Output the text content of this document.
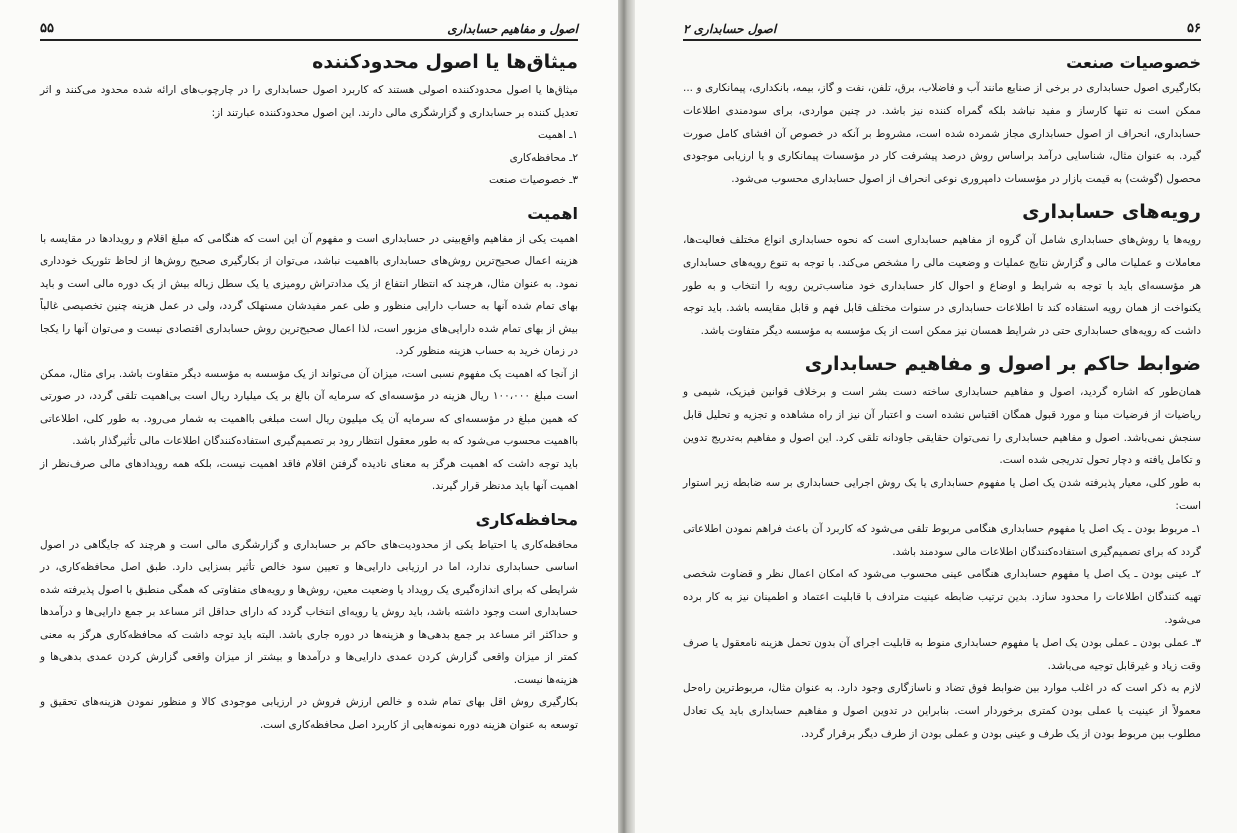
۵۵	اصول و مفاهیم حسابداری
میثاق‌ها یا اصول محدودکننده

میثاق‌ها یا اصول محدودکننده اصولی هستند که کاربرد اصول حسابداری را در چارچوب‌های ارائه شده محدود می‌کنند و اثر تعدیل کننده بر حسابداری و گزارشگری مالی دارند. این اصول محدودکننده عبارتند از:

۱ـ اهمیت
۲ـ محافظه‌کاری
۳ـ خصوصیات صنعت
اهمیت

اهمیت یکی از مفاهیم واقع‌بینی در حسابداری است و مفهوم آن این است که هنگامی که مبلغ اقلام و رویدادها در مقایسه با هزینه اعمال صحیح‌ترین روش‌های حسابداری بااهمیت نباشد، می‌توان از بکارگیری صحیح روش‌ها از لحاظ تئوریک خودداری نمود. به عنوان مثال، هرچند که انتظار انتفاع از یک مداد‌تراش رومیزی یا یک سطل زباله بیش از یک دوره مالی است و باید بهای تمام شده آنها به حساب دارایی منظور و طی عمر مفیدشان مستهلک گردد، ولی در عمل هزینه چنین تخصیصی غالباً بیش از بهای تمام شده دارایی‌های مزبور است، لذا اعمال صحیح‌ترین روش حسابداری اقتصادی نیست و می‌توان آنها را یکجا در زمان خرید به حساب هزینه منظور کرد.

از آنجا که اهمیت یک مفهوم نسبی است، میزان آن می‌تواند از یک مؤسسه به مؤسسه دیگر متفاوت باشد. برای مثال، ممکن است مبلغ ۱۰۰،۰۰۰ ریال هزینه در مؤسسه‌ای که سرمایه آن بالغ بر یک میلیارد ریال است بی‌اهمیت تلقی گردد، در صورتی که همین مبلغ در مؤسسه‌ای که سرمایه آن یک میلیون ریال است مبلغی بااهمیت به شمار می‌رود. به طور کلی، اطلاعاتی بااهمیت محسوب می‌شود که به طور معقول انتظار رود بر تصمیم‌گیری استفاده‌کنندگان اطلاعات مالی تأثیرگذار باشد.

باید توجه داشت که اهمیت هرگز به معنای نادیده گرفتن اقلام فاقد اهمیت نیست، بلکه همه رویدادهای مالی صرف‌نظر از اهمیت آنها باید مدنظر قرار گیرند.

محافظه‌کاری

محافظه‌کاری یا احتیاط یکی از محدودیت‌های حاکم بر حسابداری و گزارشگری مالی است و هرچند که جایگاهی در اصول اساسی حسابداری ندارد، اما در ارزیابی دارایی‌ها و تعیین سود خالص تأثیر بسزایی دارد. طبق اصل محافظه‌کاری، در شرایطی که برای اندازه‌گیری یک رویداد یا وضعیت معین، روش‌ها و رویه‌های متفاوتی که همگی منطبق با اصول پذیرفته شده حسابداری است وجود داشته باشد، باید روش یا رویه‌ای انتخاب گردد که دارای حداقل اثر مساعد بر جمع دارایی‌ها و درآمدها و حداکثر اثر مساعد بر جمع بدهی‌ها و هزینه‌ها در دوره جاری باشد. البته باید توجه داشت که محافظه‌کاری هرگز به معنی کمتر از میزان واقعی گزارش کردن عمدی دارایی‌ها و درآمدها و بیشتر از میزان واقعی گزارش کردن عمدی بدهی‌ها و هزینه‌ها نیست.

بکارگیری روش اقل بهای تمام شده و خالص ارزش فروش در ارزیابی موجودی کالا و منظور نمودن هزینه‌های تحقیق و توسعه به عنوان هزینه دوره نمونه‌هایی از کاربرد اصل محافظه‌کاری است.

اصول حسابداری ۲	۵۶
خصوصیات صنعت

بکارگیری اصول حسابداری در برخی از صنایع مانند آب و فاضلاب، برق، تلفن، نفت و گاز، بیمه، بانکداری، پیمانکاری و ... ممکن است نه تنها کارساز و مفید نباشد بلکه گمراه کننده نیز باشد. در چنین مواردی، برای سودمندی اطلاعات حسابداری، انحراف از اصول حسابداری مجاز شمرده شده است، مشروط بر آنکه در خصوص آن افشای کامل صورت گیرد. به عنوان مثال، شناسایی درآمد براساس روش درصد پیشرفت کار در مؤسسات پیمانکاری و یا ارزیابی موجودی محصول (گوشت) به قیمت بازار در مؤسسات دامپروری نوعی انحراف از اصول حسابداری محسوب می‌شود.

رویه‌های حسابداری

رویه‌ها یا روش‌های حسابداری شامل آن گروه از مفاهیم حسابداری است که نحوه حسابداری انواع مختلف فعالیت‌ها، معاملات و عملیات مالی و گزارش نتایج عملیات و وضعیت مالی را مشخص می‌کند. با توجه به تنوع رویه‌های حسابداری هر مؤسسه‌ای باید با توجه به شرایط و اوضاع و احوال کار حسابداری خود مناسب‌ترین رویه را انتخاب و به طور یکنواخت از همان رویه استفاده کند تا اطلاعات حسابداری در سنوات مختلف قابل فهم و قابل مقایسه باشد. باید توجه داشت که رویه‌های حسابداری حتی در شرایط همسان نیز ممکن است از یک مؤسسه به مؤسسه دیگر متفاوت باشد.

ضوابط حاکم بر اصول و مفاهیم حسابداری

همان‌طور که اشاره گردید، اصول و مفاهیم حسابداری ساخته دست بشر است و برخلاف قوانین فیزیک، شیمی و ریاضیات از فرضیات مبنا و مورد قبول همگان اقتباس نشده است و اعتبار آن نیز از راه مشاهده و تجزیه و تحلیل قابل سنجش نمی‌باشد. اصول و مفاهیم حسابداری را نمی‌توان حقایقی جاودانه تلقی کرد. این اصول و مفاهیم به‌تدریج تدوین و تکامل یافته و دچار تحول تدریجی شده است.

به طور کلی، معیار پذیرفته شدن یک اصل یا مفهوم حسابداری یا یک روش اجرایی حسابداری بر سه ضابطه زیر استوار است:

۱ـ مربوط بودن ـ یک اصل یا مفهوم حسابداری هنگامی مربوط تلقی می‌شود که کاربرد آن باعث فراهم نمودن اطلاعاتی گردد که برای تصمیم‌گیری استفاده‌کنندگان اطلاعات مالی سودمند باشد.

۲ـ عینی بودن ـ یک اصل یا مفهوم حسابداری هنگامی عینی محسوب می‌شود که امکان اعمال نظر و قضاوت شخصی تهیه کنندگان اطلاعات را محدود سازد. بدین ترتیب ضابطه عینیت مترادف با قابلیت اعتماد و اطمینان نیز به کار برده می‌شود.

۳ـ عملی بودن ـ عملی بودن یک اصل یا مفهوم حسابداری منوط به قابلیت اجرای آن بدون تحمل هزینه نامعقول یا صرف وقت زیاد و غیرقابل توجیه می‌باشد.

لازم به ذکر است که در اغلب موارد بین ضوابط فوق تضاد و ناسازگاری وجود دارد. به عنوان مثال، مربوط‌ترین راه‌حل معمولاً از عینیت یا عملی بودن کمتری برخوردار است. بنابراین در تدوین اصول و مفاهیم حسابداری باید یک تعادل مطلوب بین مربوط بودن از یک طرف و عینی بودن و عملی بودن از طرف دیگر برقرار گردد.
